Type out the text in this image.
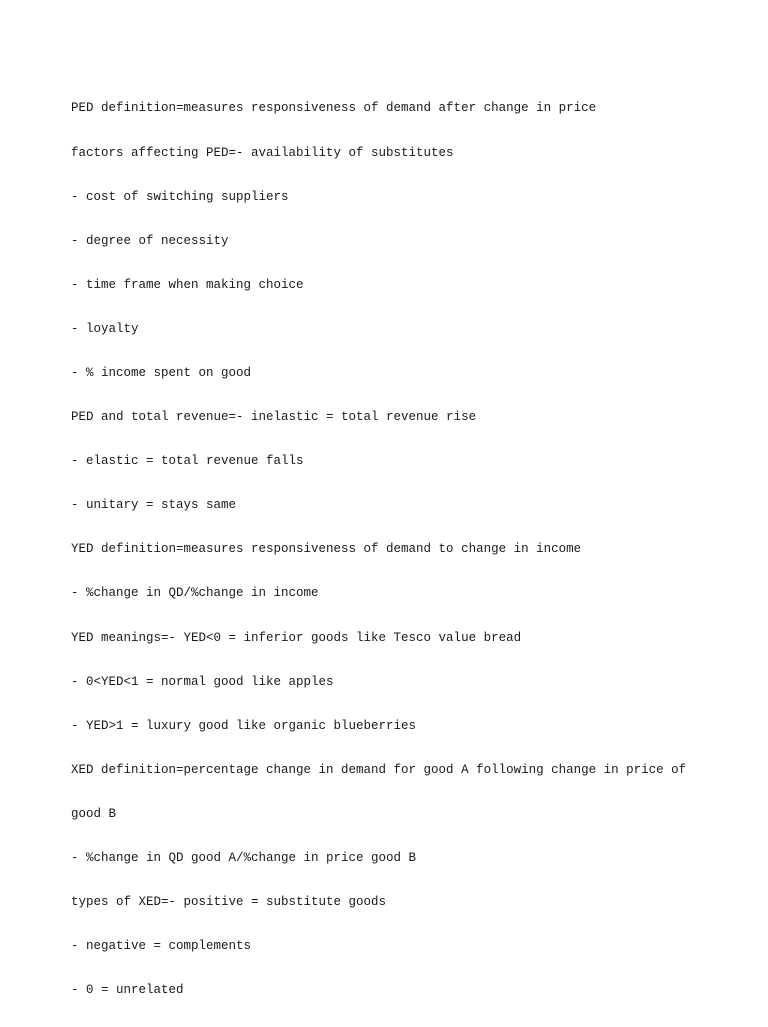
PED definition=measures responsiveness of demand after change in price

factors affecting PED=- availability of substitutes

- cost of switching suppliers

- degree of necessity

- time frame when making choice

- loyalty

- % income spent on good

PED and total revenue=- inelastic = total revenue rise

- elastic = total revenue falls

- unitary = stays same

YED definition=measures responsiveness of demand to change in income

- %change in QD/%change in income

YED meanings=- YED<0 = inferior goods like Tesco value bread

- 0<YED<1 = normal good like apples

- YED>1 = luxury good like organic blueberries

XED definition=percentage change in demand for good A following change in price of

good B

- %change in QD good A/%change in price good B

types of XED=- positive = substitute goods

- negative = complements

- 0 = unrelated
